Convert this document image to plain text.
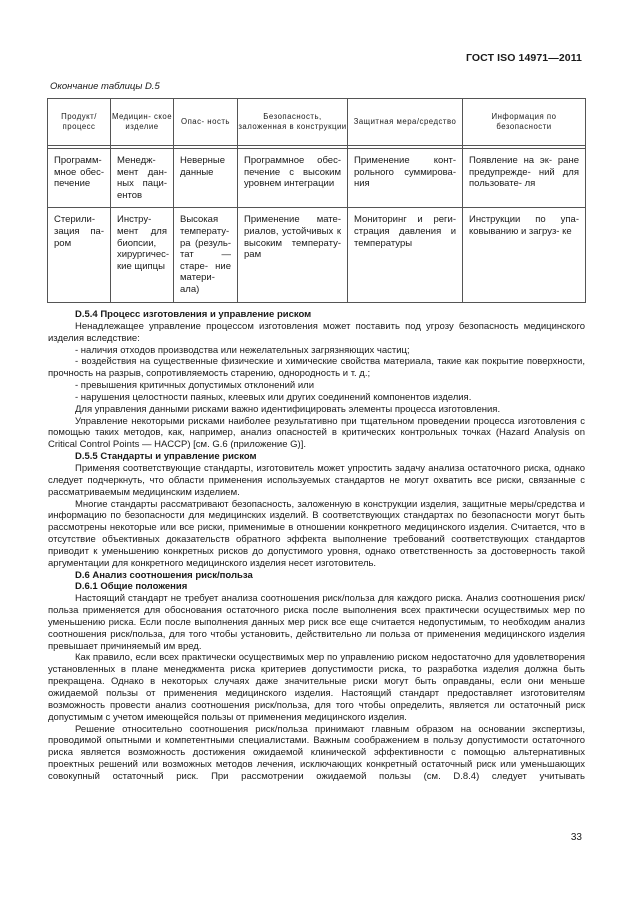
ГОСТ ISO 14971—2011
Окончание таблицы D.5
Продукт/ процесс	Медицин- ское изделие	Опас- ность	Безопасность, заложенная в конструкции	Защитная мера/средство	Информация по безопасности

Программ- мное обес- печение	Менедж- мент дан- ных паци- ентов	Неверные данные	Программное обес- печение с высоким уровнем интеграции	Применение конт- рольного суммирова- ния	Появление на эк- ране предупрежде- ний для пользовате- ля
Стерили- зация па- ром	Инстру- мент для биопсии, хирургичес- кие щипцы	Высокая температу- ра (резуль- тат — старе- ние матери- ала)	Применение мате- риалов, устойчивых к высоким температу- рам	Мониторинг и реги- страция давления и температуры	Инструкции по упа- ковыванию и загруз- ке

D.5.4 Процесс изготовления и управление риском

Ненадлежащее управление процессом изготовления может поставить под угрозу безопасность медицинского изделия вследствие:

- наличия отходов производства или нежелательных загрязняющих частиц;

- воздействия на существенные физические и химические свойства материала, такие как покрытие поверхности, прочность на разрыв, сопротивляемость старению, однородность и т. д.;

- превышения критичных допустимых отклонений или

- нарушения целостности паяных, клеевых или других соединений компонентов изделия.

Для управления данными рисками важно идентифицировать элементы процесса изготовления.

Управление некоторыми рисками наиболее результативно при тщательном проведении процесса изготовления с помощью таких методов, как, например, анализ опасностей в критических контрольных точках (Hazard Analysis on Critical Control Points — HACCP) [см. G.6 (приложение G)].

D.5.5 Стандарты и управление риском

Применяя соответствующие стандарты, изготовитель может упростить задачу анализа остаточного риска, однако следует подчеркнуть, что области применения используемых стандартов не могут охватить все риски, связанные с рассматриваемым медицинским изделием.

Многие стандарты рассматривают безопасность, заложенную в конструкции изделия, защитные меры/средства и информацию по безопасности для медицинских изделий. В соответствующих стандартах по безопасности могут быть рассмотрены некоторые или все риски, применимые в отношении конкретного медицинского изделия. Считается, что в отсутствие объективных доказательств обратного эффекта выполнение требований соответствующих стандартов приводит к уменьшению конкретных рисков до допустимого уровня, однако ответственность за достоверность такой аргументации для конкретного медицинского изделия несет изготовитель.

D.6 Анализ соотношения риск/польза

D.6.1 Общие положения

Настоящий стандарт не требует анализа соотношения риск/польза для каждого риска. Анализ соотношения риск/польза применяется для обоснования остаточного риска после выполнения всех практически осуществимых мер по уменьшению риска. Если после выполнения данных мер риск все еще считается недопустимым, то необходим анализ соотношения риск/польза, для того чтобы установить, действительно ли польза от применения медицинского изделия превышает причиняемый им вред.

Как правило, если всех практически осуществимых мер по управлению риском недостаточно для удовлетворения установленных в плане менеджмента риска критериев допустимости риска, то разработка изделия должна быть прекращена. Однако в некоторых случаях даже значительные риски могут быть оправданы, если они меньше ожидаемой пользы от применения медицинского изделия. Настоящий стандарт предоставляет изготовителям возможность провести анализ соотношения риск/польза, для того чтобы определить, является ли остаточный риск допустимым с учетом имеющейся пользы от применения медицинского изделия.

Решение относительно соотношения риск/польза принимают главным образом на основании экспертизы, проводимой опытными и компетентными специалистами. Важным соображением в пользу допустимости остаточного риска является возможность достижения ожидаемой клинической эффективности с помощью альтернативных проектных решений или возможных методов лечения, исключающих конкретный остаточный риск или уменьшающих совокупный остаточный риск. При рассмотрении ожидаемой пользы (см. D.8.4) следует учитывать

33
